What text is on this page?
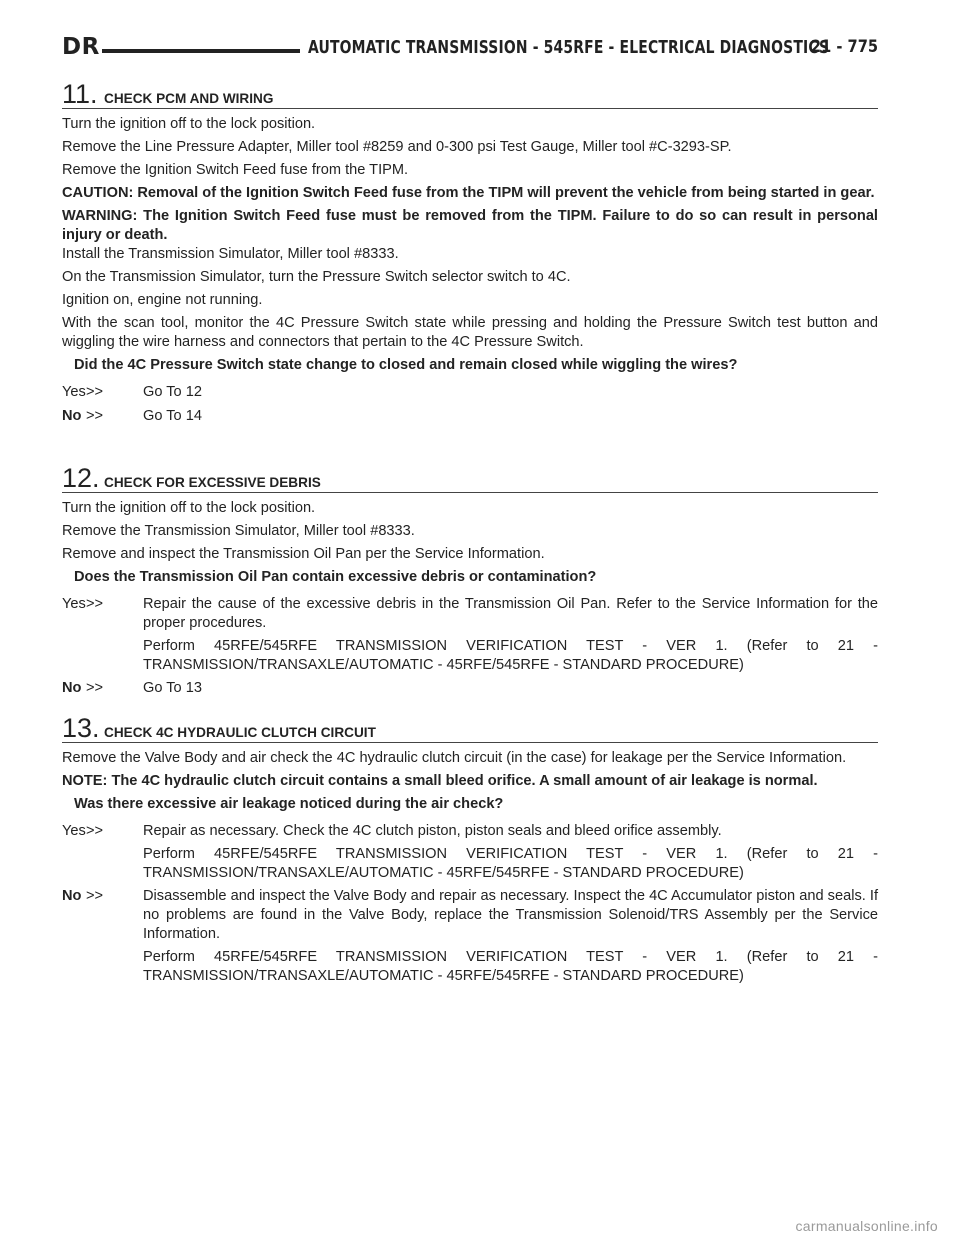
DR	AUTOMATIC TRANSMISSION - 545RFE - ELECTRICAL DIAGNOSTICS
21 - 775
11. CHECK PCM AND WIRING

Turn the ignition off to the lock position.

Remove the Line Pressure Adapter, Miller tool #8259 and 0-300 psi Test Gauge, Miller tool #C-3293-SP.

Remove the Ignition Switch Feed fuse from the TIPM.

CAUTION: Removal of the Ignition Switch Feed fuse from the TIPM will prevent the vehicle from being started in gear.

WARNING: The Ignition Switch Feed fuse must be removed from the TIPM. Failure to do so can result in personal injury or death.

Install the Transmission Simulator, Miller tool #8333.

On the Transmission Simulator, turn the Pressure Switch selector switch to 4C.

Ignition on, engine not running.

With the scan tool, monitor the 4C Pressure Switch state while pressing and holding the Pressure Switch test button and wiggling the wire harness and connectors that pertain to the 4C Pressure Switch.

Did the 4C Pressure Switch state change to closed and remain closed while wiggling the wires?

Yes >>	Go To 12

No >>	Go To 14

12. CHECK FOR EXCESSIVE DEBRIS

Turn the ignition off to the lock position.

Remove the Transmission Simulator, Miller tool #8333.

Remove and inspect the Transmission Oil Pan per the Service Information.

Does the Transmission Oil Pan contain excessive debris or contamination?

Yes >>	Repair the cause of the excessive debris in the Transmission Oil Pan. Refer to the Service Information for the proper procedures.

Perform 45RFE/545RFE TRANSMISSION VERIFICATION TEST - VER 1. (Refer to 21 - TRANSMISSION/TRANSAXLE/AUTOMATIC - 45RFE/545RFE - STANDARD PROCEDURE)

No >>	Go To 13

13. CHECK 4C HYDRAULIC CLUTCH CIRCUIT

Remove the Valve Body and air check the 4C hydraulic clutch circuit (in the case) for leakage per the Service Information.

NOTE: The 4C hydraulic clutch circuit contains a small bleed orifice. A small amount of air leakage is normal.

Was there excessive air leakage noticed during the air check?

Yes >>	Repair as necessary. Check the 4C clutch piston, piston seals and bleed orifice assembly.

Perform 45RFE/545RFE TRANSMISSION VERIFICATION TEST - VER 1. (Refer to 21 - TRANSMISSION/TRANSAXLE/AUTOMATIC - 45RFE/545RFE - STANDARD PROCEDURE)

No >>	Disassemble and inspect the Valve Body and repair as necessary. Inspect the 4C Accumulator piston and seals. If no problems are found in the Valve Body, replace the Transmission Solenoid/TRS Assembly per the Service Information.

Perform 45RFE/545RFE TRANSMISSION VERIFICATION TEST - VER 1. (Refer to 21 - TRANSMISSION/TRANSAXLE/AUTOMATIC - 45RFE/545RFE - STANDARD PROCEDURE)

carmanualsonline.info
